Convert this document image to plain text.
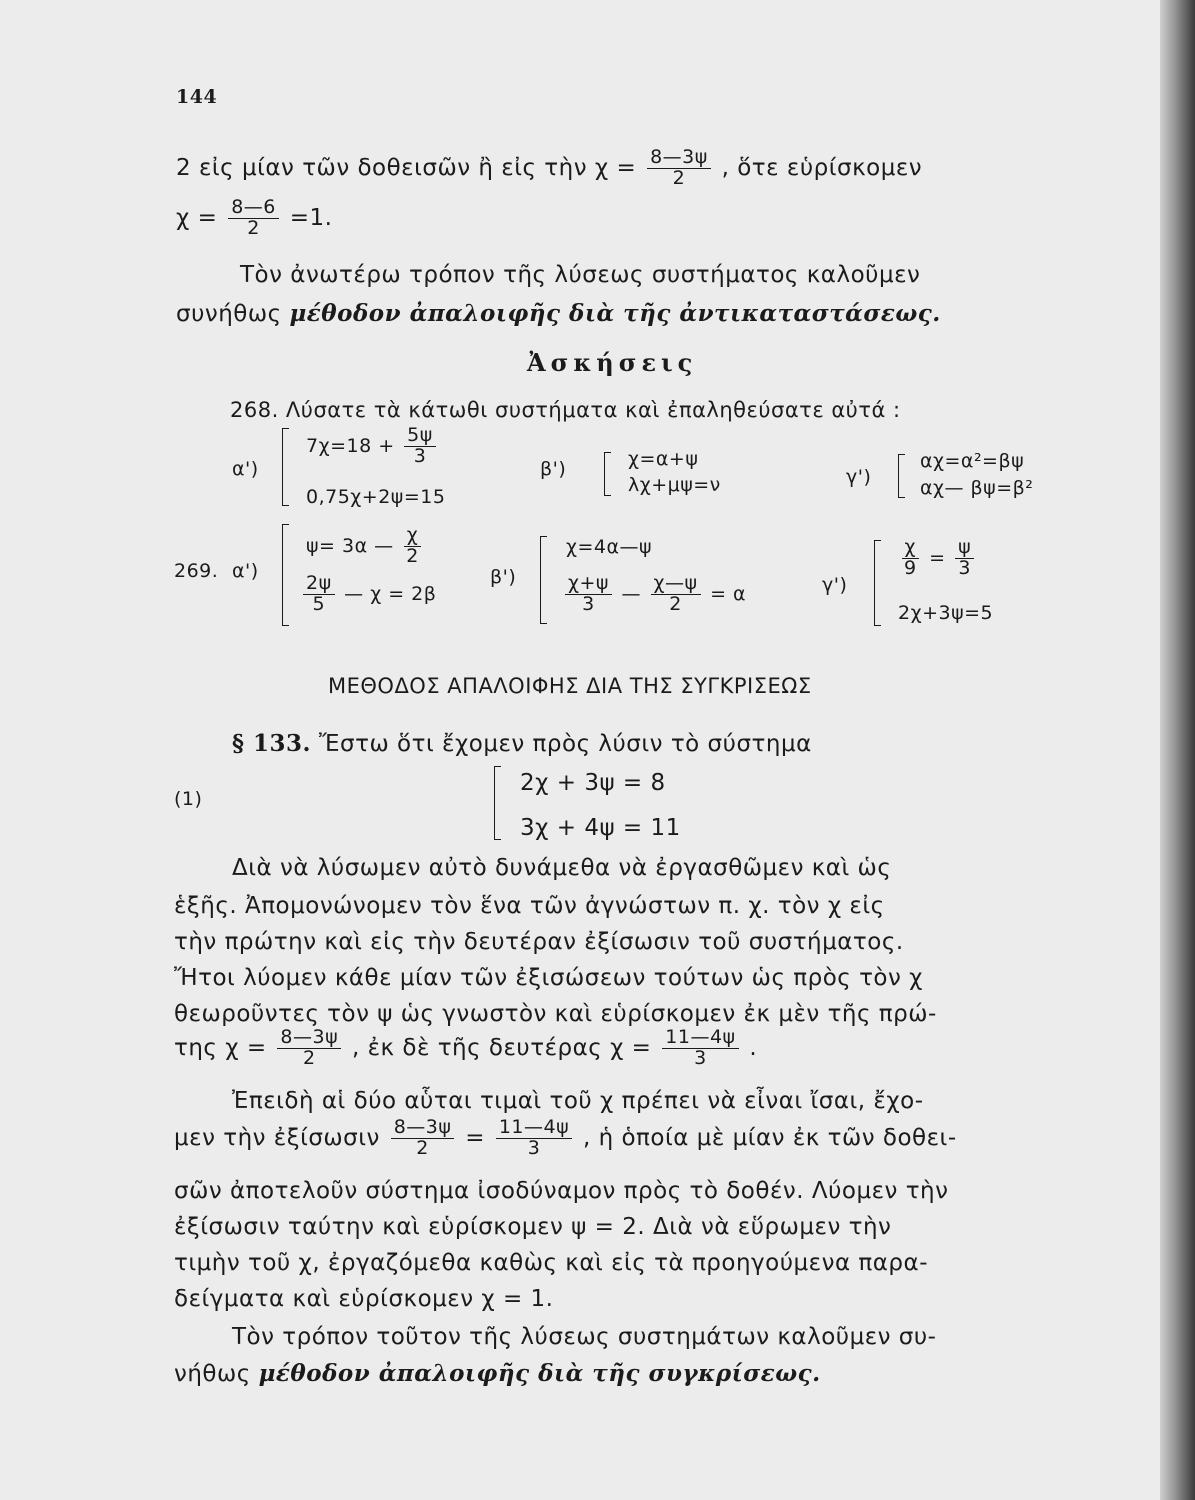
144
2 εἰς μίαν τῶν δοθεισῶν ἢ εἰς τὴν $\chi = \frac{8—3\psi}{2}$ , ὅτε εὑρίσκομεν
$\chi = \frac{8—6}{2} =1$.
Τὸν ἀνωτέρω τρόπον τῆς λύσεως συστήματος καλοῦμεν
συνήθως μέθοδον ἀπαλοιφῆς διὰ τῆς ἀντικαταστάσεως.
Ἀσκήσεις
268. Λύσατε τὰ κάτωθι συστήματα καὶ ἐπαληθεύσατε αὐτά :
α')
$7\chi=18 + \frac{5\psi}{3}$
0,75χ+2ψ=15
β')	χ=α+ψ
λχ+μψ=ν	γ')
αχ=α²=βψ
αχ— βψ=β²
269. α')
ψ= 3α — $\frac{\chi}{2}$
$\frac{2\psi}{5}$ — χ = 2β
β')
χ=4α—ψ
$\frac{\chi+\psi}{3}$ — $\frac{\chi—\psi}{2} = \alpha$	γ')
$\frac{\chi}{9} = \frac{\psi}{3}$
2χ+3ψ=5
ΜΕΘΟΔΟΣ ΑΠΑΛΟΙΦΗΣ ΔΙΑ ΤΗΣ ΣΥΓΚΡΙΣΕΩΣ
§ 133. Ἔστω ὅτι ἔχομεν πρὸς λύσιν τὸ σύστημα
(1)
2χ + 3ψ = 8
3χ + 4ψ = 11
Διὰ νὰ λύσωμεν αὐτὸ δυνάμεθα νὰ ἐργασθῶμεν καὶ ὡς
ἑξῆς. Ἀπομονώνομεν τὸν ἕνα τῶν ἀγνώστων π. χ. τὸν χ εἰς
τὴν πρώτην καὶ εἰς τὴν δευτέραν ἐξίσωσιν τοῦ συστήματος.
Ἤτοι λύομεν κάθε μίαν τῶν ἐξισώσεων τούτων ὡς πρὸς τὸν χ
θεωροῦντες τὸν ψ ὡς γνωστὸν καὶ εὑρίσκομεν ἐκ μὲν τῆς πρώ-
της $\chi = \frac{8—3\psi}{2}$ , ἐκ δὲ τῆς δευτέρας $\chi = \frac{11—4\psi}{3}$ .
Ἐπειδὴ αἱ δύο αὗται τιμαὶ τοῦ χ πρέπει νὰ εἶναι ἴσαι, ἔχο-
μεν τὴν ἐξίσωσιν $\frac{8—3\psi}{2} = \frac{11—4\psi}{3}$ , ἡ ὁποία μὲ μίαν ἐκ τῶν δοθει-
σῶν ἀποτελοῦν σύστημα ἰσοδύναμον πρὸς τὸ δοθέν. Λύομεν τὴν
ἐξίσωσιν ταύτην καὶ εὑρίσκομεν ψ = 2. Διὰ νὰ εὕρωμεν τὴν
τιμὴν τοῦ χ, ἐργαζόμεθα καθὼς καὶ εἰς τὰ προηγούμενα παρα-
δείγματα καὶ εὑρίσκομεν χ = 1.
Τὸν τρόπον τοῦτον τῆς λύσεως συστημάτων καλοῦμεν συ-
νήθως μέθοδον ἀπαλοιφῆς διὰ τῆς συγκρίσεως.
